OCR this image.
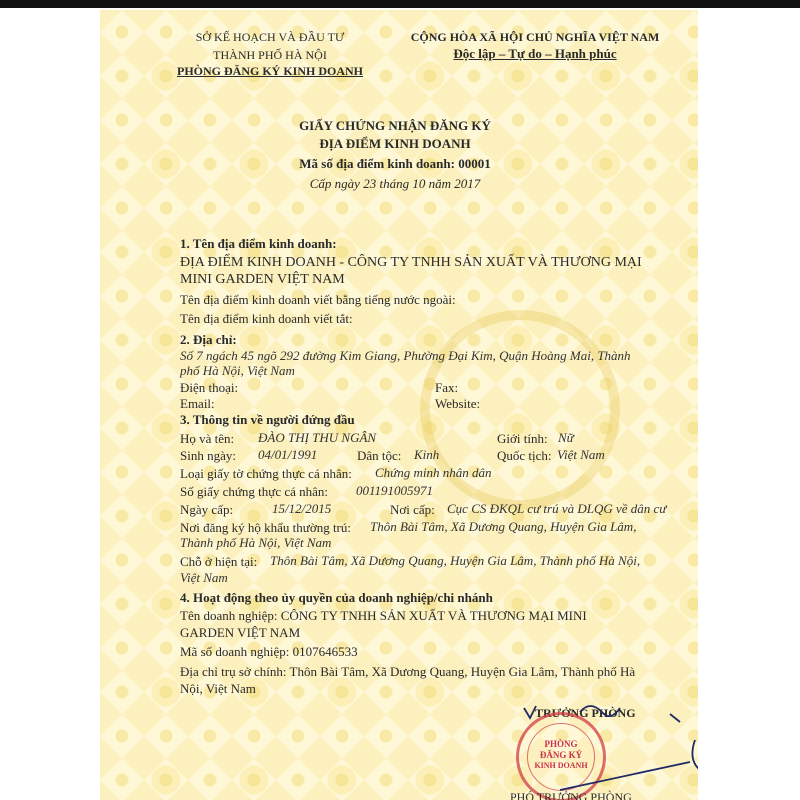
SỞ KẾ HOẠCH VÀ ĐẦU TƯ
THÀNH PHỐ HÀ NỘI
PHÒNG ĐĂNG KÝ KINH DOANH
CỘNG HÒA XÃ HỘI CHỦ NGHĨA VIỆT NAM
Độc lập – Tự do – Hạnh phúc
GIẤY CHỨNG NHẬN ĐĂNG KÝ
ĐỊA ĐIỂM KINH DOANH
Mã số địa điểm kinh doanh: 00001
Cấp ngày 23 tháng 10 năm 2017
1. Tên địa điểm kinh doanh:
ĐỊA ĐIỂM KINH DOANH - CÔNG TY TNHH SẢN XUẤT VÀ THƯƠNG MẠI
MINI GARDEN VIỆT NAM
Tên địa điểm kinh doanh viết bằng tiếng nước ngoài:
Tên địa điểm kinh doanh viết tắt:
2. Địa chỉ:
Số 7 ngách 45 ngõ 292 đường Kim Giang, Phường Đại Kim, Quận Hoàng Mai, Thành
phố Hà Nội, Việt Nam
Điện thoại:	Fax:
Email:	Website:
3. Thông tin về người đứng đầu
Họ và tên: ĐÀO THỊ THU NGÂN	Giới tính: Nữ
Sinh ngày: 04/01/1991	Dân tộc: Kinh	Quốc tịch: Việt Nam
Loại giấy tờ chứng thực cá nhân: Chứng minh nhân dân
Số giấy chứng thực cá nhân: 001191005971
Ngày cấp:	15/12/2015	Nơi cấp: Cục CS ĐKQL cư trú và DLQG về dân cư
Nơi đăng ký hộ khẩu thường trú: Thôn Bài Tâm, Xã Dương Quang, Huyện Gia Lâm,
Thành phố Hà Nội, Việt Nam
Chỗ ở hiện tại: Thôn Bài Tâm, Xã Dương Quang, Huyện Gia Lâm, Thành phố Hà Nội,
Việt Nam
4. Hoạt động theo ủy quyền của doanh nghiệp/chi nhánh
Tên doanh nghiệp: CÔNG TY TNHH SẢN XUẤT VÀ THƯƠNG MẠI MINI
GARDEN VIỆT NAM
Mã số doanh nghiệp: 0107646533
Địa chỉ trụ sở chính: Thôn Bài Tâm, Xã Dương Quang, Huyện Gia Lâm, Thành phố Hà
Nội, Việt Nam
TRƯỞNG PHÒNG
PHÒNG
ĐĂNG KÝ
KINH DOANH
PHÓ TRƯỞNG PHÒNG
